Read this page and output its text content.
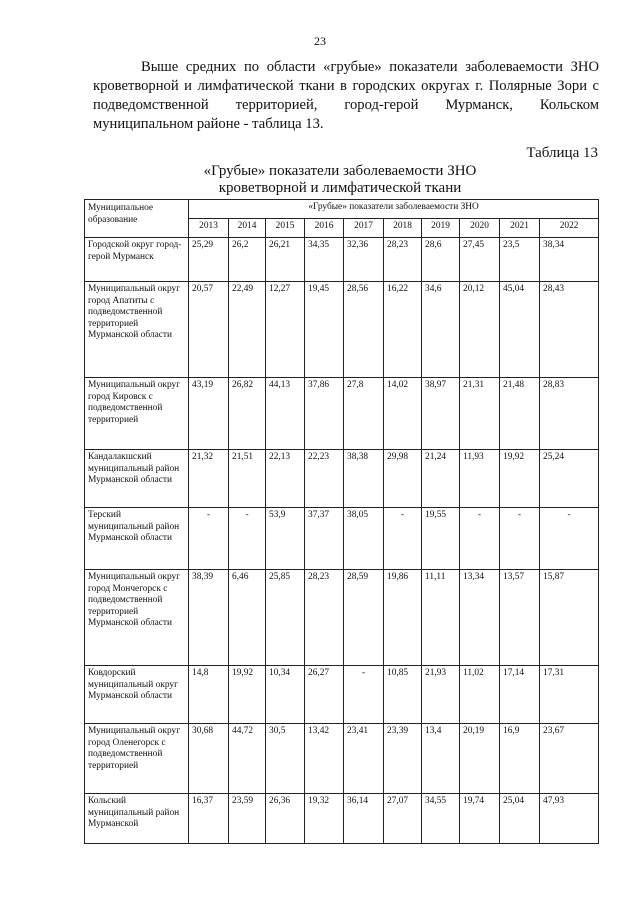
23

Выше средних по области «грубые» показатели заболеваемости ЗНО кроветворной и лимфатической ткани в городских округах г. Полярные Зори с подведомственной территорией, город-герой Мурманск, Кольском муниципальном районе - таблица 13.

Таблица 13

«Грубые» показатели заболеваемости ЗНО кроветворной и лимфатической ткани

Муниципальное образование	«Грубые» показатели заболеваемости ЗНО									
	2013	2014	2015	2016	2017	2018	2019	2020	2021	2022
Городской округ город-герой Мурманск	25,29	26,2	26,21	34,35	32,36	28,23	28,6	27,45	23,5	38,34
Муниципальный округ город Апатиты с подведомственной территорией Мурманской области	20,57	22,49	12,27	19,45	28,56	16,22	34,6	20,12	45,04	28,43
Муниципальный округ город Кировск с подведомственной территорией	43,19	26,82	44,13	37,86	27,8	14,02	38,97	21,31	21,48	28,83
Кандалакшский муниципальный район Мурманской области	21,32	21,51	22,13	22,23	38,38	29,98	21,24	11,93	19,92	25,24
Терский муниципальный район Мурманской области	-	-	53,9	37,37	38,05	-	19,55	-	-	-
Муниципальный округ город Мончегорск с подведомственной территорией Мурманской области	38,39	6,46	25,85	28,23	28,59	19,86	11,11	13,34	13,57	15,87
Ковдорский муниципальный округ Мурманской области	14,8	19,92	10,34	26,27	-	10,85	21,93	11,02	17,14	17,31
Муниципальный округ город Оленегорск с подведомственной территорией	30,68	44,72	30,5	13,42	23,41	23,39	13,4	20,19	16,9	23,67
Кольский муниципальный район Мурманской	16,37	23,59	26,36	19,32	36,14	27,07	34,55	19,74	25,04	47,93
